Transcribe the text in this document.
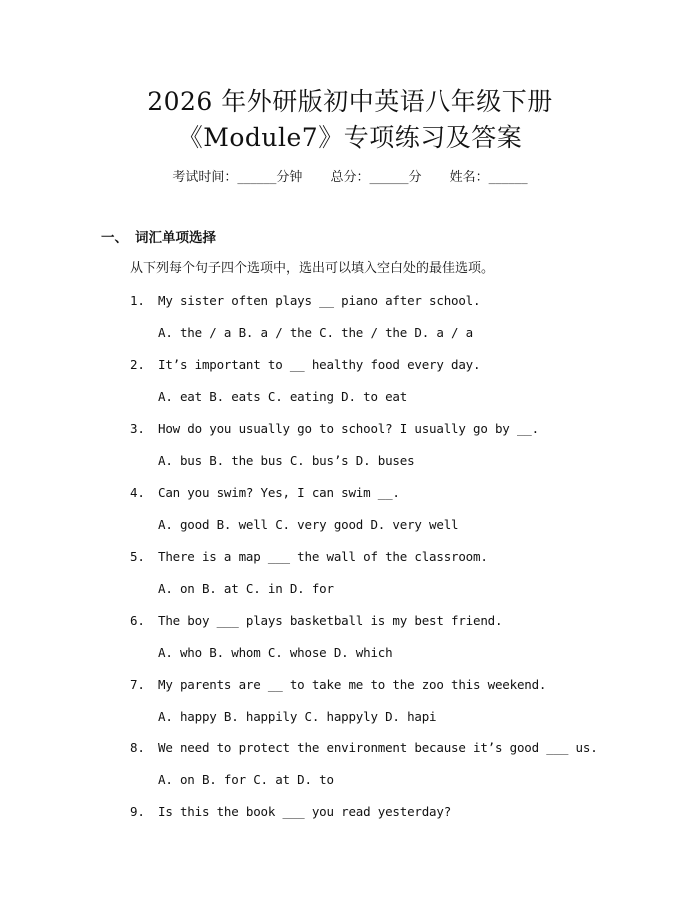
2026 年外研版初中英语八年级下册
《Module7》专项练习及答案
考试时间：______分钟 总分：______分 姓名：______
一、 词汇单项选择
从下列每个句子四个选项中，选出可以填入空白处的最佳选项。
1. My sister often plays __ piano after school.
A. the / a B. a / the C. the / the D. a / a
2. It’s important to __ healthy food every day.
A. eat B. eats C. eating D. to eat
3. How do you usually go to school? I usually go by __.
A. bus B. the bus C. bus’s D. buses
4. Can you swim? Yes, I can swim __.
A. good B. well C. very good D. very well
5. There is a map ___ the wall of the classroom.
A. on B. at C. in D. for
6. The boy ___ plays basketball is my best friend.
A. who B. whom C. whose D. which
7. My parents are __ to take me to the zoo this weekend.
A. happy B. happily C. happyly D. hapi
8. We need to protect the environment because it’s good ___ us.
A. on B. for C. at D. to
9. Is this the book ___ you read yesterday?
